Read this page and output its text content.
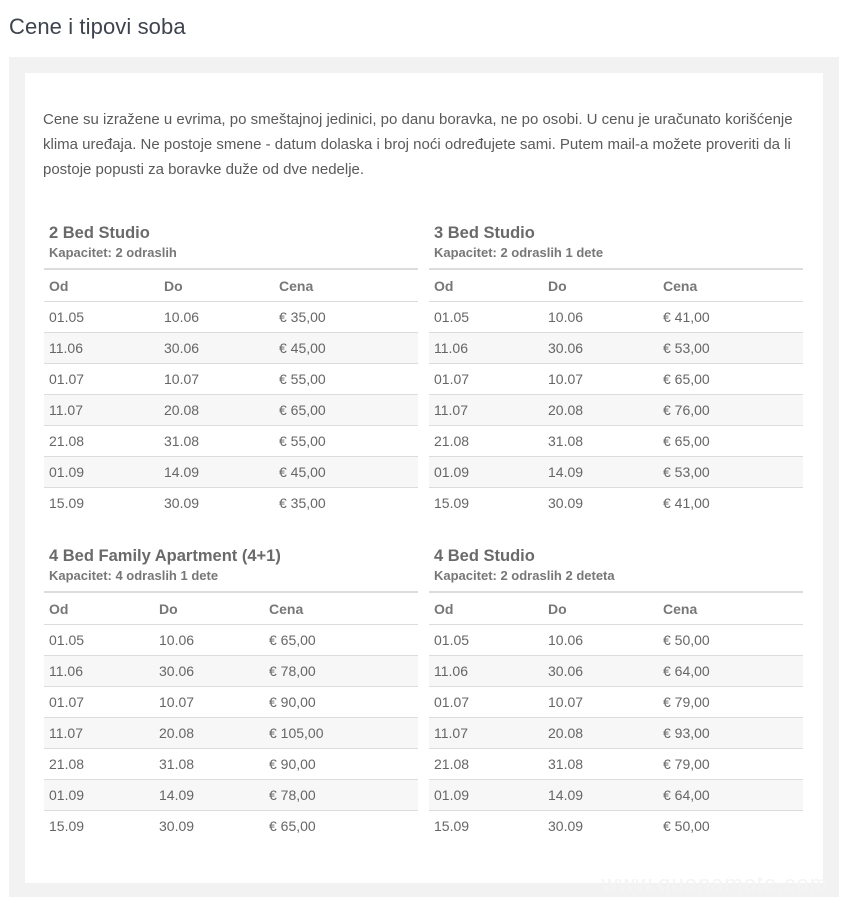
Cene i tipovi soba

Cene su izražene u evrima, po smeštajnoj jedinici, po danu boravka, ne po osobi. U cenu je uračunato korišćenje klima uređaja. Ne postoje smene - datum dolaska i broj noći određujete sami. Putem mail-a možete proveriti da li postoje popusti za boravke duže od dve nedelje.

2 Bed Studio
Kapacitet: 2 odraslih
Od	Do	Cena
01.05	10.06	€ 35,00
11.06	30.06	€ 45,00
01.07	10.07	€ 55,00
11.07	20.08	€ 65,00
21.08	31.08	€ 55,00
01.09	14.09	€ 45,00
15.09	30.09	€ 35,00
3 Bed Studio
Kapacitet: 2 odraslih 1 dete
Od	Do	Cena
01.05	10.06	€ 41,00
11.06	30.06	€ 53,00
01.07	10.07	€ 65,00
11.07	20.08	€ 76,00
21.08	31.08	€ 65,00
01.09	14.09	€ 53,00
15.09	30.09	€ 41,00
4 Bed Family Apartment (4+1)
Kapacitet: 4 odraslih 1 dete
Od	Do	Cena
01.05	10.06	€ 65,00
11.06	30.06	€ 78,00
01.07	10.07	€ 90,00
11.07	20.08	€ 105,00
21.08	31.08	€ 90,00
01.09	14.09	€ 78,00
15.09	30.09	€ 65,00
4 Bed Studio
Kapacitet: 2 odraslih 2 deteta
Od	Do	Cena
01.05	10.06	€ 50,00
11.06	30.06	€ 64,00
01.07	10.07	€ 79,00
11.07	20.08	€ 93,00
21.08	31.08	€ 79,00
01.09	14.09	€ 64,00
15.09	30.09	€ 50,00
www.quenamote.com
